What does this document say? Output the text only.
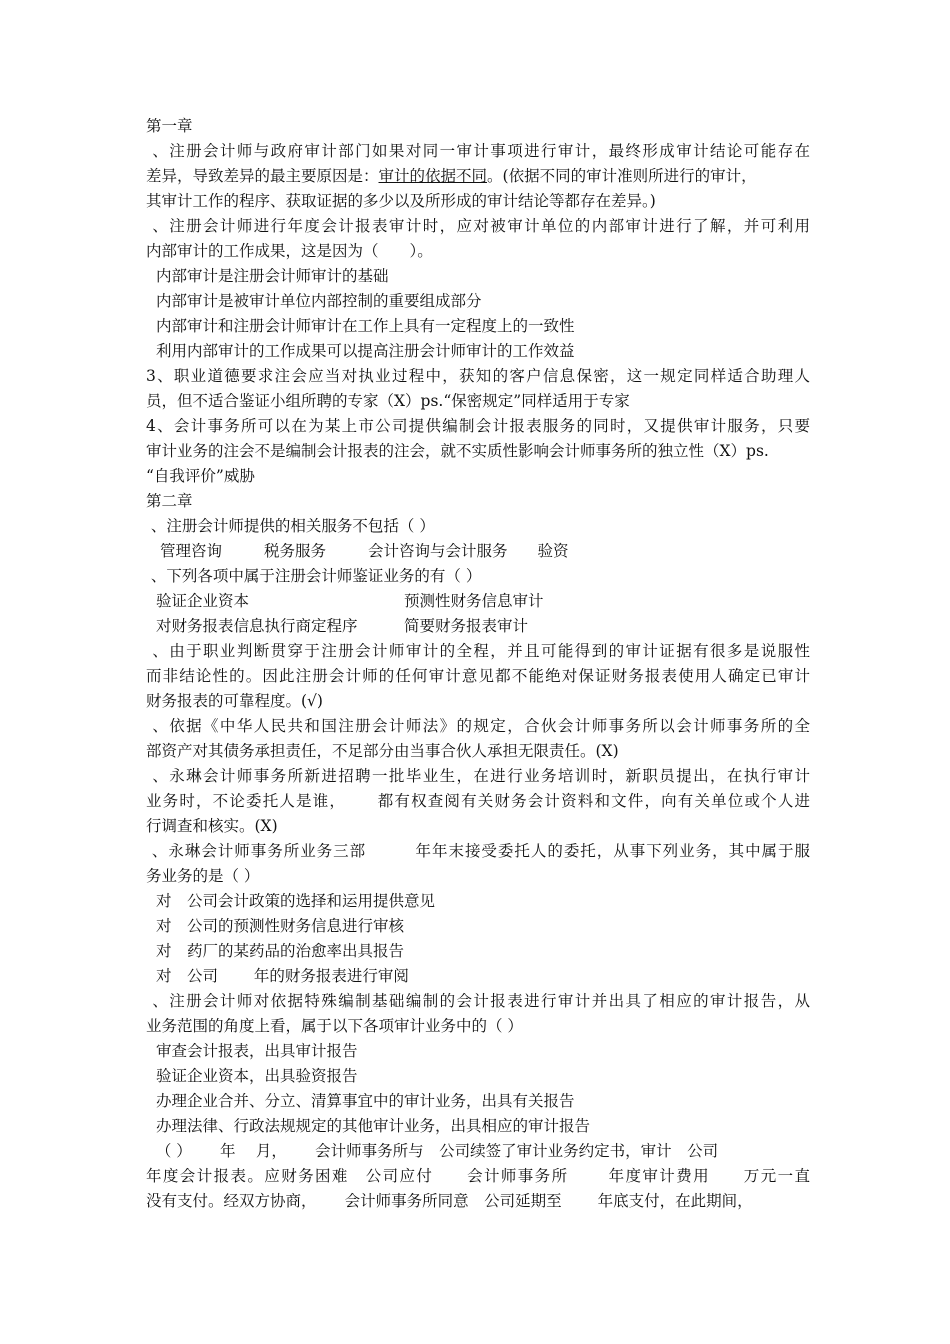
第一章
、注册会计师与政府审计部门如果对同一审计事项进行审计，最终形成审计结论可能存在
差异，导致差异的最主要原因是：审计的依据不同。(依据不同的审计准则所进行的审计，
其审计工作的程序、获取证据的多少以及所形成的审计结论等都存在差异。)
、注册会计师进行年度会计报表审计时，应对被审计单位的内部审计进行了解，并可利用
内部审计的工作成果，这是因为（　　）。
内部审计是注册会计师审计的基础
内部审计是被审计单位内部控制的重要组成部分
内部审计和注册会计师审计在工作上具有一定程度上的一致性
利用内部审计的工作成果可以提高注册会计师审计的工作效益
3、职业道德要求注会应当对执业过程中，获知的客户信息保密，这一规定同样适合助理人
员，但不适合鉴证小组所聘的专家（X）ps.“保密规定”同样适用于专家
4、会计事务所可以在为某上市公司提供编制会计报表服务的同时，又提供审计服务，只要
审计业务的注会不是编制会计报表的注会，就不实质性影响会计师事务所的独立性（X）ps.
“自我评价”威胁
第二章
、注册会计师提供的相关服务不包括（ ）
管理咨询	税务服务	会计咨询与会计服务 验资
、下列各项中属于注册会计师鉴证业务的有（ ）
验证企业资本	预测性财务信息审计
对财务报表信息执行商定程序	简要财务报表审计
、由于职业判断贯穿于注册会计师审计的全程，并且可能得到的审计证据有很多是说服性
而非结论性的。因此注册会计师的任何审计意见都不能绝对保证财务报表使用人确定已审计
财务报表的可靠程度。(√)
、依据《中华人民共和国注册会计师法》的规定，合伙会计师事务所以会计师事务所的全
部资产对其债务承担责任，不足部分由当事合伙人承担无限责任。(X)
、永琳会计师事务所新进招聘一批毕业生，在进行业务培训时，新职员提出，在执行审计
业务时，不论委托人是谁，　　 都有权查阅有关财务会计资料和文件，向有关单位或个人进
行调查和核实。(X)
、永琳会计师事务所业务三部　　　年年末接受委托人的委托，从事下列业务，其中属于服
务业务的是（ ）
对　公司会计政策的选择和运用提供意见
对　公司的预测性财务信息进行审核
对　药厂的某药品的治愈率出具报告
对　公司　　 年的财务报表进行审阅
、注册会计师对依据特殊编制基础编制的会计报表进行审计并出具了相应的审计报告，从
业务范围的角度上看，属于以下各项审计业务中的（ ）
审查会计报表，出具审计报告
验证企业资本，出具验资报告
办理企业合并、分立、清算事宜中的审计业务，出具有关报告
办理法律、行政法规规定的其他审计业务，出具相应的审计报告
（ ）　　 年　 月，　　 会计师事务所与　公司续签了审计业务约定书，审计　公司
年度会计报表。应财务困难　公司应付　　会计师事务所　　 年度审计费用　　万元一直
没有支付。经双方协商，　　 会计师事务所同意　公司延期至　　 年底支付，在此期间，
